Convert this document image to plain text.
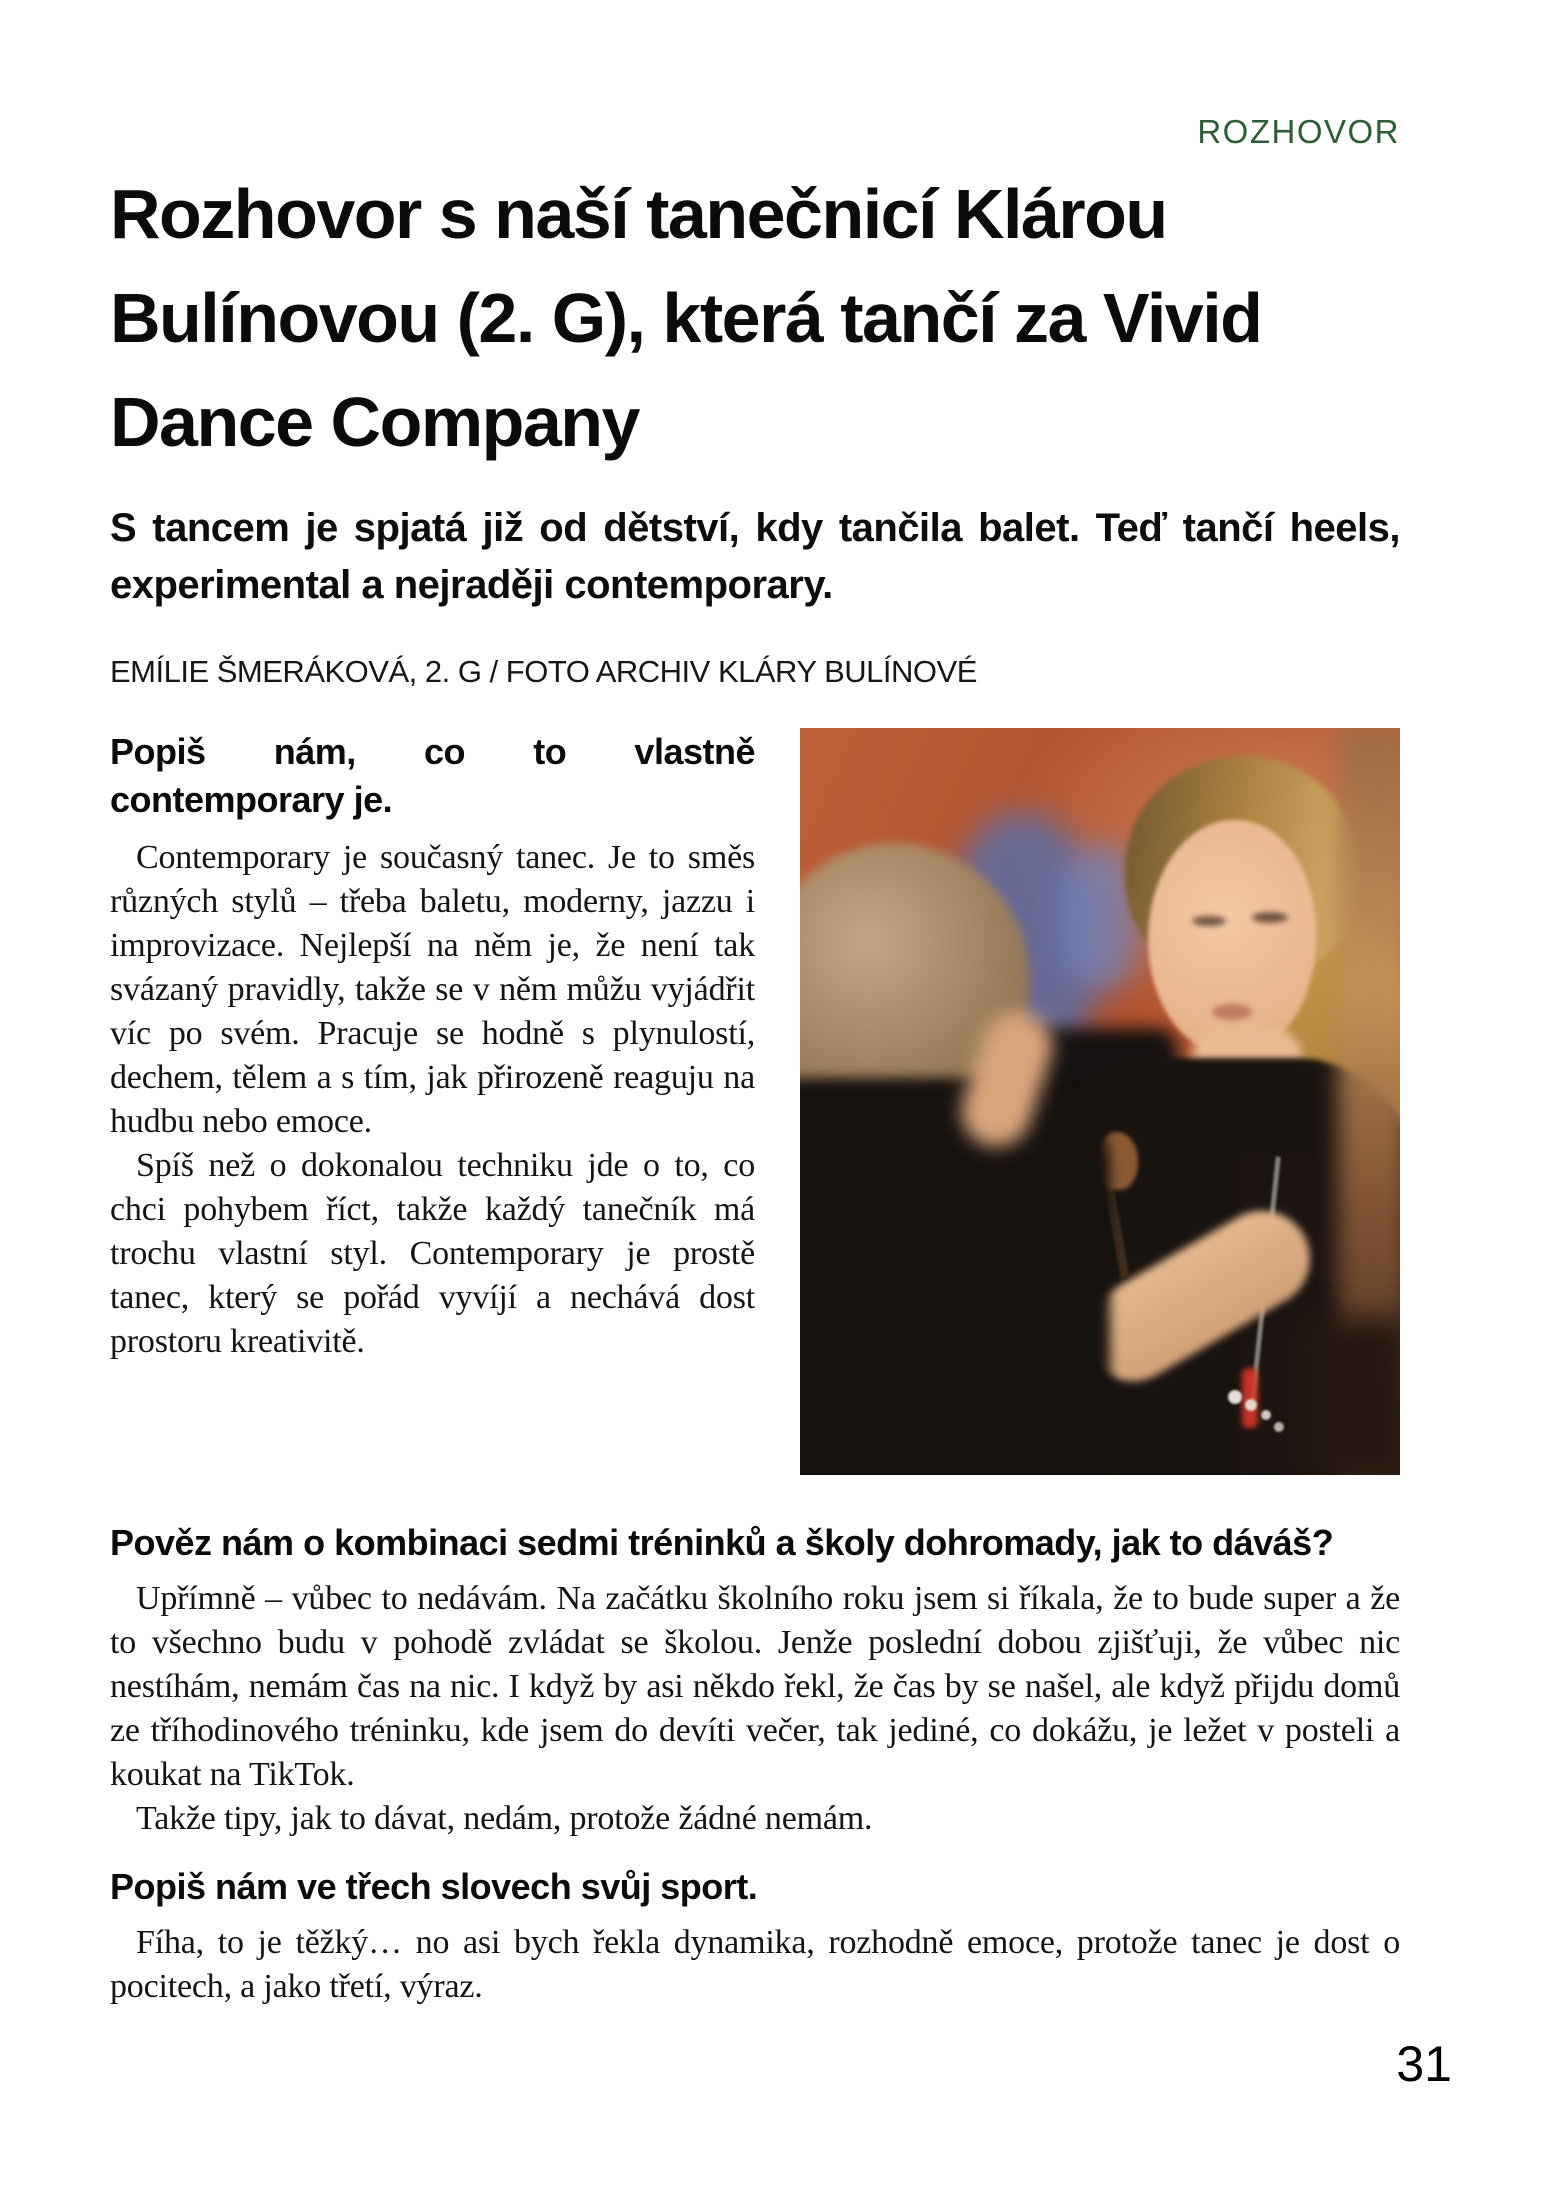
ROZHOVOR
Rozhovor s naší tanečnicí Klárou Bulínovou (2. G), která tančí za Vivid Dance Company

S tancem je spjatá již od dětství, kdy tančila balet. Teď tančí heels, experimental a nejraději contemporary.

EMÍLIE ŠMERÁKOVÁ, 2. G / FOTO ARCHIV KLÁRY BULÍNOVÉ

Popiš nám, co to vlastně contemporary je.

Contemporary je současný tanec. Je to směs různých stylů – třeba baletu, moderny, jazzu i improvizace. Nejlepší na něm je, že není tak svázaný pravidly, takže se v něm můžu vyjádřit víc po svém. Pracuje se hodně s plynulostí, dechem, tělem a s tím, jak přirozeně reaguju na hudbu nebo emoce.

Spíš než o dokonalou techniku jde o to, co chci pohybem říct, takže každý tanečník má trochu vlastní styl. Contemporary je prostě tanec, který se pořád vyvíjí a nechává dost prostoru kreativitě.

Pověz nám o kombinaci sedmi tréninků a školy dohromady, jak to dáváš?

Upřímně – vůbec to nedávám. Na začátku školního roku jsem si říkala, že to bude super a že to všechno budu v pohodě zvládat se školou. Jenže poslední dobou zjišťuji, že vůbec nic nestíhám, nemám čas na nic. I když by asi někdo řekl, že čas by se našel, ale když přijdu domů ze tříhodinového tréninku, kde jsem do devíti večer, tak jediné, co dokážu, je ležet v posteli a koukat na TikTok.

Takže tipy, jak to dávat, nedám, protože žádné nemám.

Popiš nám ve třech slovech svůj sport.

Fíha, to je těžký… no asi bych řekla dynamika, rozhodně emoce, protože tanec je dost o pocitech, a jako třetí, výraz.

31
